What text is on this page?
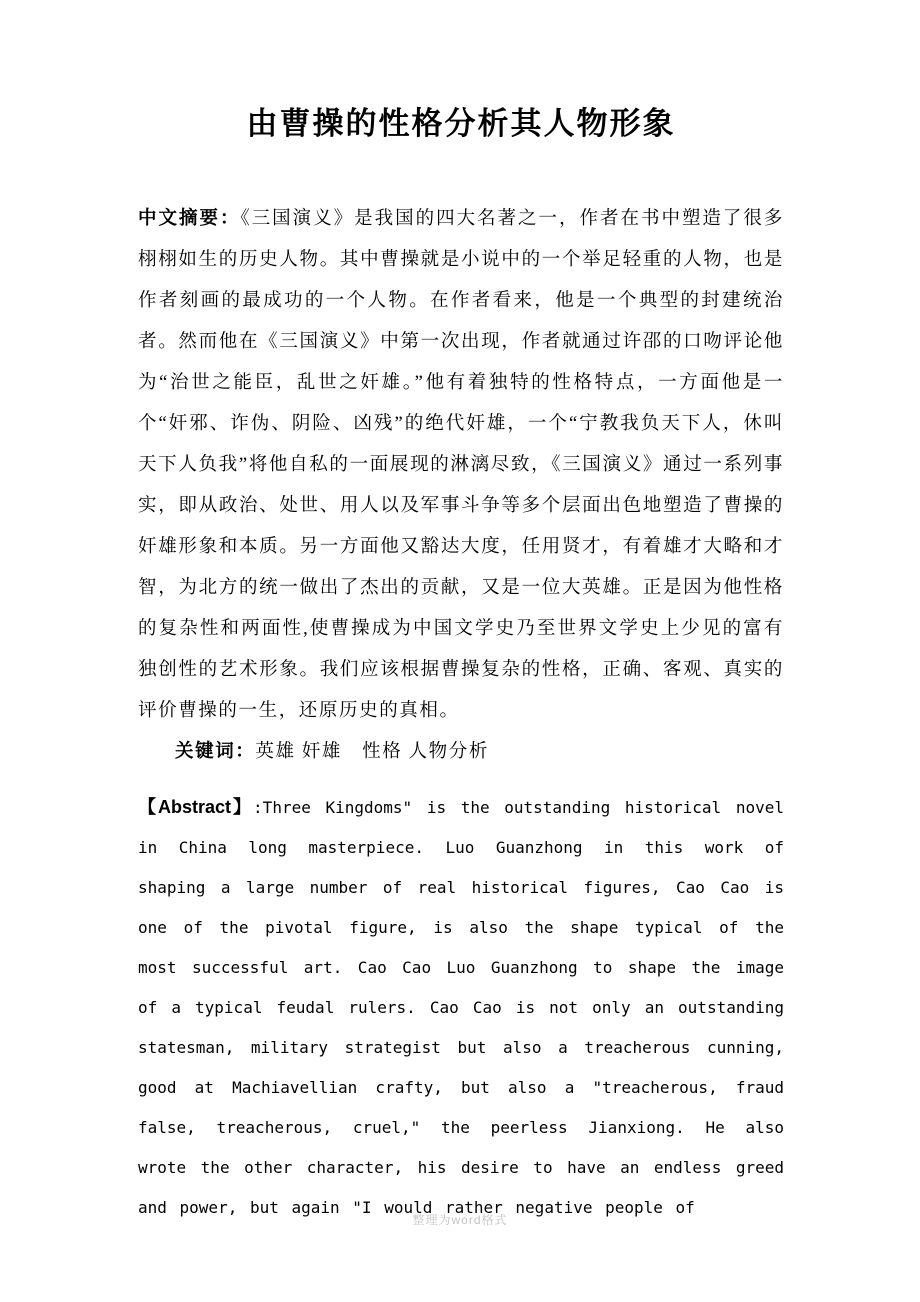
由曹操的性格分析其人物形象

中文摘要：《三国演义》是我国的四大名著之一，作者在书中塑造了很多栩栩如生的历史人物。其中曹操就是小说中的一个举足轻重的人物，也是作者刻画的最成功的一个人物。在作者看来，他是一个典型的封建统治者。然而他在《三国演义》中第一次出现，作者就通过许邵的口吻评论他为“治世之能臣，乱世之奸雄。”他有着独特的性格特点，一方面他是一个“奸邪、诈伪、阴险、凶残”的绝代奸雄，一个“宁教我负天下人，休叫天下人负我”将他自私的一面展现的淋漓尽致，《三国演义》通过一系列事实，即从政治、处世、用人以及军事斗争等多个层面出色地塑造了曹操的奸雄形象和本质。另一方面他又豁达大度，任用贤才，有着雄才大略和才智，为北方的统一做出了杰出的贡献，又是一位大英雄。正是因为他性格的复杂性和两面性,使曹操成为中国文学史乃至世界文学史上少见的富有独创性的艺术形象。我们应该根据曹操复杂的性格，正确、客观、真实的评价曹操的一生，还原历史的真相。

关键词：英雄 奸雄　性格 人物分析

【Abstract】:Three Kingdoms" is the outstanding historical novel in China long masterpiece. Luo Guanzhong in this work of shaping a large number of real historical figures, Cao Cao is one of the pivotal figure, is also the shape typical of the most successful art. Cao Cao Luo Guanzhong to shape the image of a typical feudal rulers. Cao Cao is not only an outstanding statesman, military strategist but also a treacherous cunning, good at Machiavellian crafty, but also a "treacherous, fraud false, treacherous, cruel," the peerless Jianxiong. He also wrote the other character, his desire to have an endless greed and power, but again "I would rather negative people of

整理为word格式
